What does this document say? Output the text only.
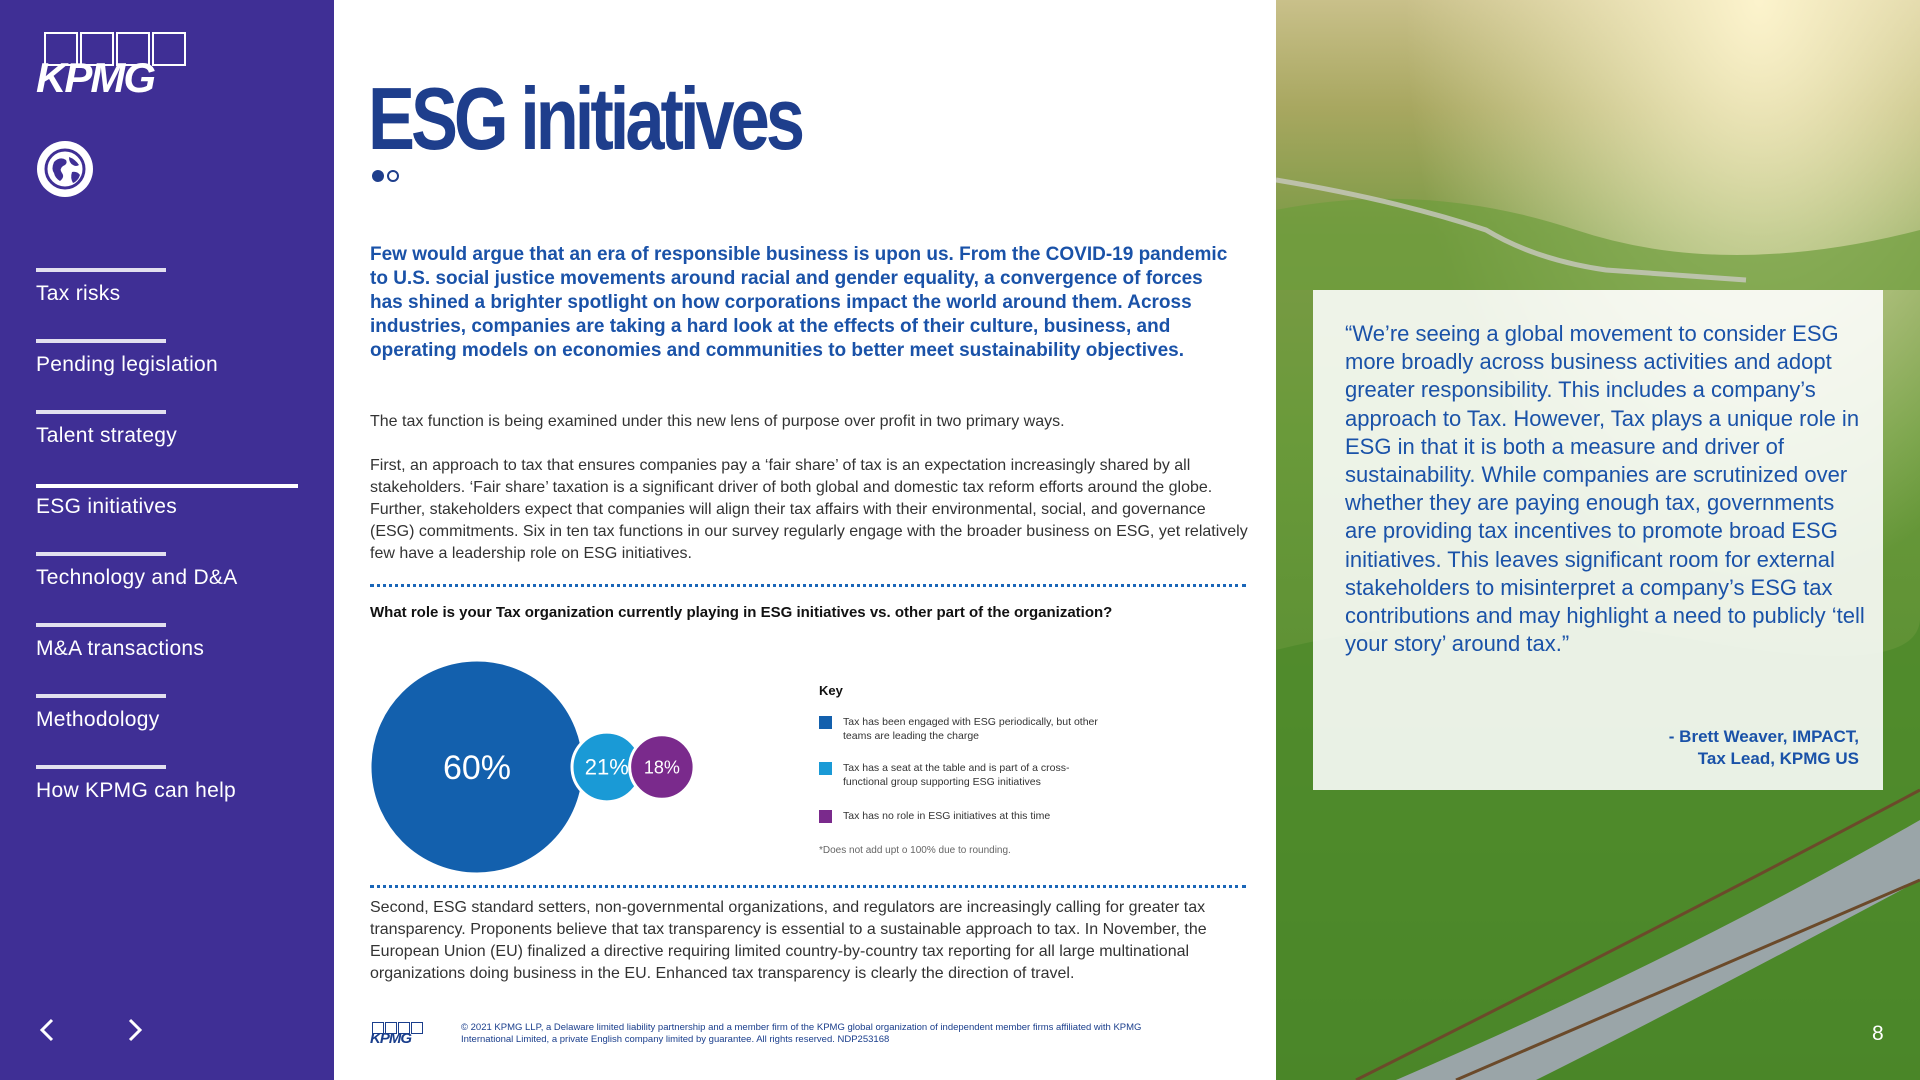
KPMG
Tax risks
Pending legislation
Talent strategy
ESG initiatives
Technology and D&A
M&A transactions
Methodology
How KPMG can help
ESG initiatives

Few would argue that an era of responsible business is upon us. From the COVID-19 pandemic to U.S. social justice movements around racial and gender equality, a convergence of forces has shined a brighter spotlight on how corporations impact the world around them. Across industries, companies are taking a hard look at the effects of their culture, business, and operating models on economies and communities to better meet sustainability objectives.

The tax function is being examined under this new lens of purpose over profit in two primary ways.

First, an approach to tax that ensures companies pay a ‘fair share’ of tax is an expectation increasingly shared by all stakeholders. ‘Fair share’ taxation is a significant driver of both global and domestic tax reform efforts around the globe. Further, stakeholders expect that companies will align their tax affairs with their environmental, social, and governance (ESG) commitments. Six in ten tax functions in our survey regularly engage with the broader business on ESG, yet relatively few have a leadership role on ESG initiatives.

What role is your Tax organization currently playing in ESG initiatives vs. other part of the organization?
60%	21% 18%
Key
Tax has been engaged with ESG periodically, but other teams are leading the charge
Tax has a seat at the table and is part of a cross-functional group supporting ESG initiatives
Tax has no role in ESG initiatives at this time
*Does not add upt o 100% due to rounding.

Second, ESG standard setters, non-governmental organizations, and regulators are increasingly calling for greater tax transparency. Proponents believe that tax transparency is essential to a sustainable approach to tax. In November, the European Union (EU) finalized a directive requiring limited country-by-country tax reporting for all large multinational organizations doing business in the EU. Enhanced tax transparency is clearly the direction of travel.

KPMG
© 2021 KPMG LLP, a Delaware limited liability partnership and a member firm of the KPMG global organization of independent member firms affiliated with KPMG International Limited, a private English company limited by guarantee. All rights reserved. NDP253168

“We’re seeing a global movement to consider ESG more broadly across business activities and adopt greater responsibility. This includes a company’s approach to Tax. However, Tax plays a unique role in ESG in that it is both a measure and driver of sustainability. While companies are scrutinized over whether they are paying enough tax, governments are providing tax incentives to promote broad ESG initiatives. This leaves significant room for external stakeholders to misinterpret a company’s ESG tax contributions and may highlight a need to publicly ‘tell your story’ around tax.”

- Brett Weaver, IMPACT,
Tax Lead, KPMG US
8
